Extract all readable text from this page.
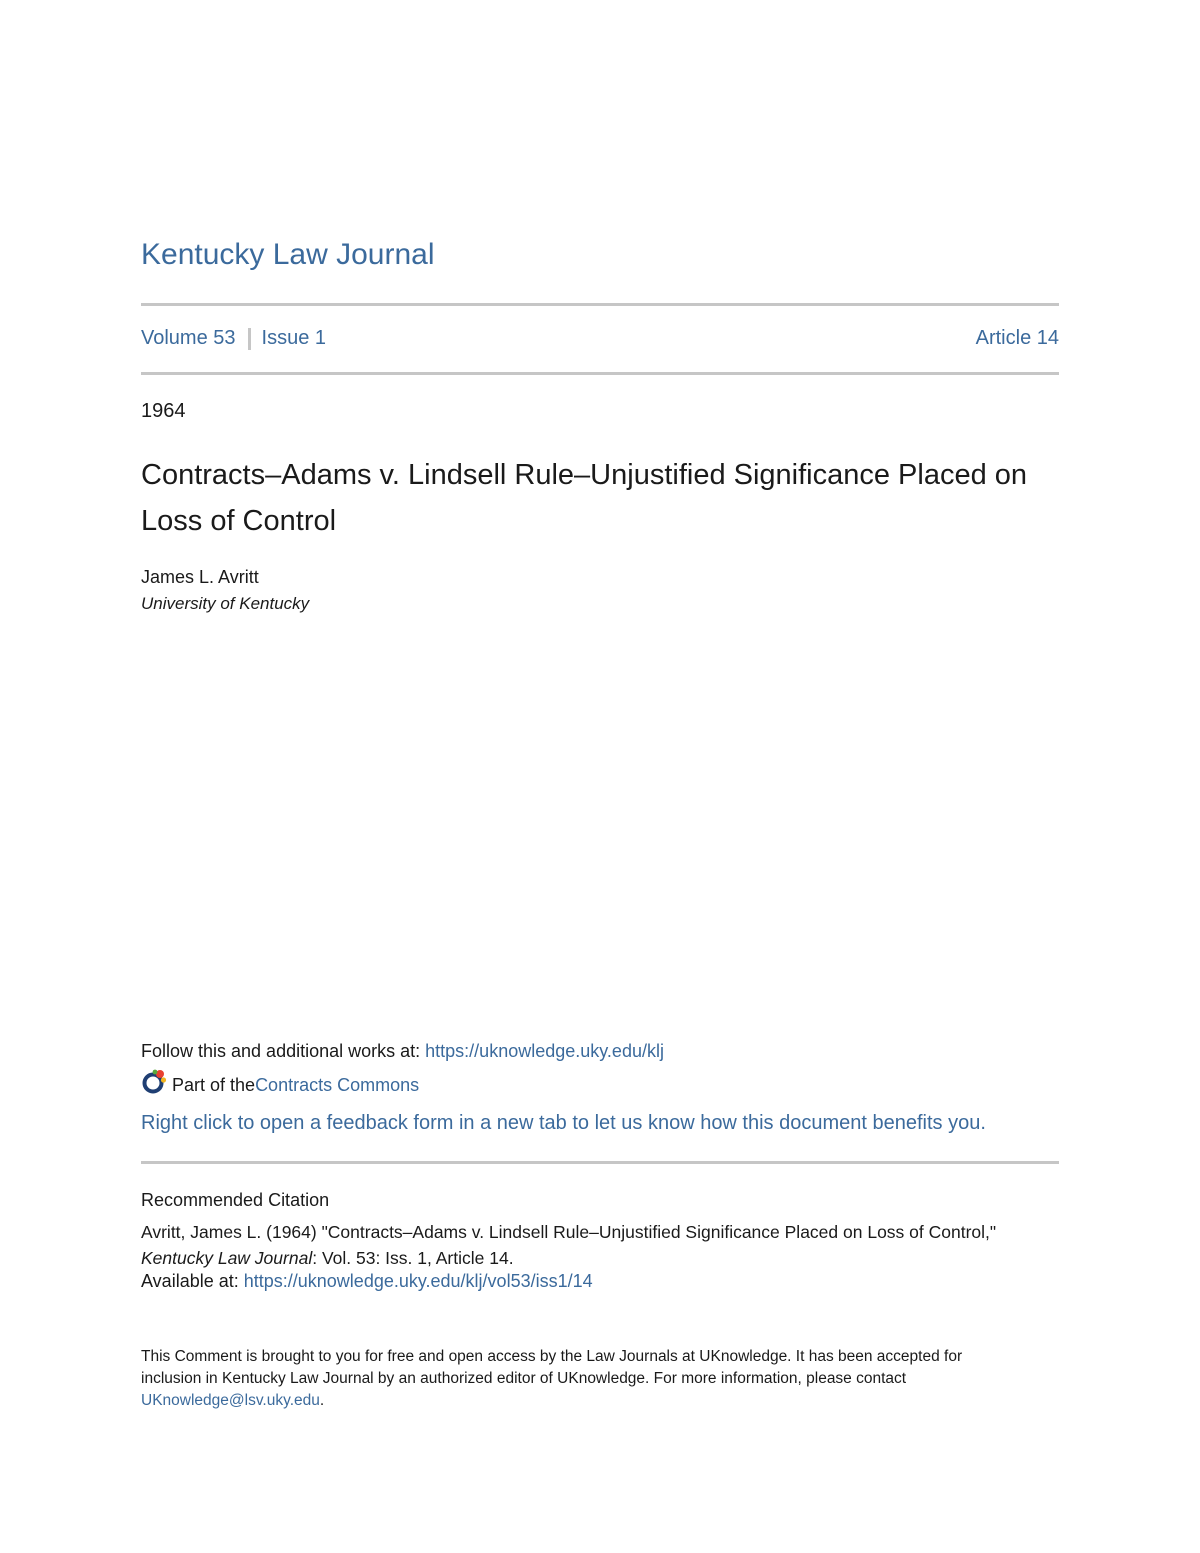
Kentucky Law Journal
Volume 53 Issue 1	Article 14
1964
Contracts–Adams v. Lindsell Rule–Unjustified Significance Placed on Loss of Control
James L. Avritt
University of Kentucky
Follow this and additional works at: https://uknowledge.uky.edu/klj
Part of the Contracts Commons
Right click to open a feedback form in a new tab to let us know how this document benefits you.
Recommended Citation
Avritt, James L. (1964) "Contracts–Adams v. Lindsell Rule–Unjustified Significance Placed on Loss of Control," Kentucky Law Journal: Vol. 53: Iss. 1, Article 14.
Available at: https://uknowledge.uky.edu/klj/vol53/iss1/14
This Comment is brought to you for free and open access by the Law Journals at UKnowledge. It has been accepted for inclusion in Kentucky Law Journal by an authorized editor of UKnowledge. For more information, please contact UKnowledge@lsv.uky.edu.
